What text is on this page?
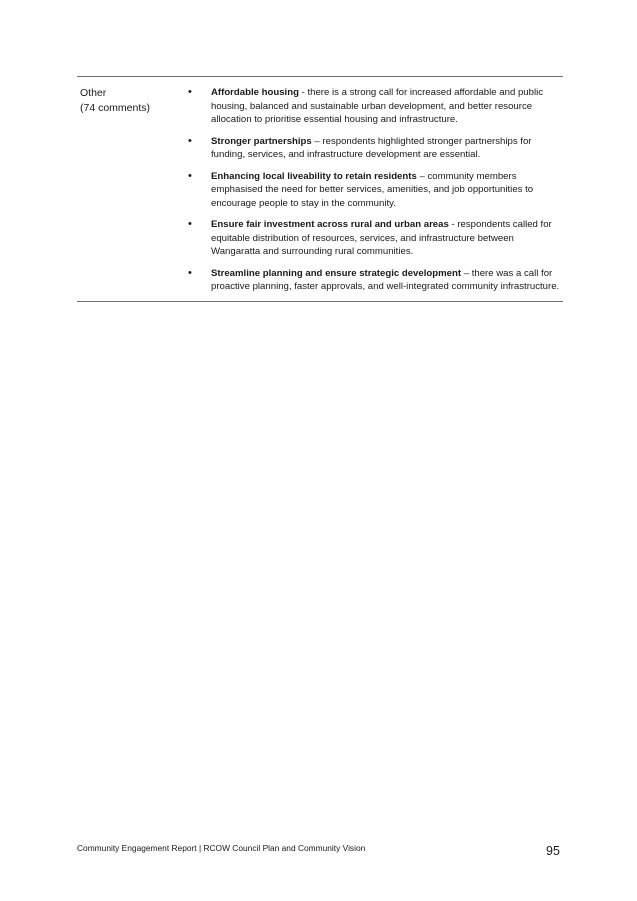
Other
(74 comments)
•	Affordable housing - there is a strong call for increased affordable and public housing, balanced and sustainable urban development, and better resource allocation to prioritise essential housing and infrastructure.
•	Stronger partnerships – respondents highlighted stronger partnerships for funding, services, and infrastructure development are essential.
•	Enhancing local liveability to retain residents – community members emphasised the need for better services, amenities, and job opportunities to encourage people to stay in the community.
•	Ensure fair investment across rural and urban areas - respondents called for equitable distribution of resources, services, and infrastructure between Wangaratta and surrounding rural communities.
•	Streamline planning and ensure strategic development – there was a call for proactive planning, faster approvals, and well-integrated community infrastructure.
Community Engagement Report | RCOW Council Plan and Community Vision	95
